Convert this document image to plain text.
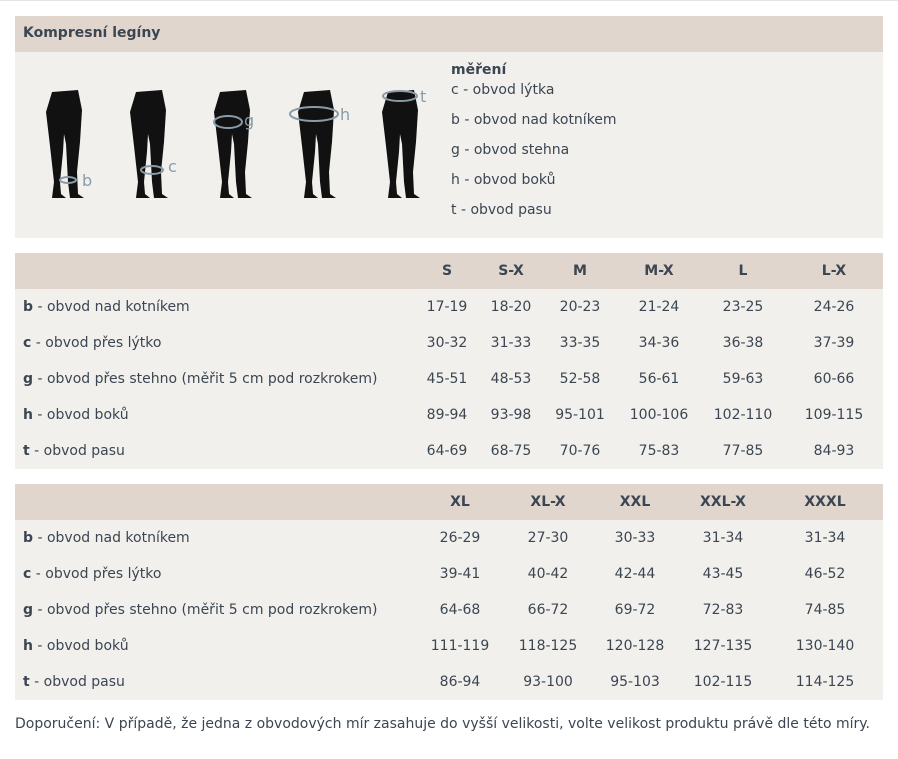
Kompresní legíny
b
c
g	h
t
měření
c - obvod lýtka
b - obvod nad kotníkem
g - obvod stehna
h - obvod boků
t - obvod pasu
	S	S-X	M	M-X	L	L-X
b - obvod nad kotníkem	17-19	18-20	20-23	21-24	23-25	24-26
c - obvod přes lýtko	30-32	31-33	33-35	34-36	36-38	37-39
g - obvod přes stehno (měřit 5 cm pod rozkrokem)	45-51	48-53	52-58	56-61	59-63	60-66
h - obvod boků	89-94	93-98	95-101	100-106	102-110	109-115
t - obvod pasu	64-69	68-75	70-76	75-83	77-85	84-93
	XL	XL-X	XXL	XXL-X	XXXL
b - obvod nad kotníkem	26-29	27-30	30-33	31-34	31-34
c - obvod přes lýtko	39-41	40-42	42-44	43-45	46-52
g - obvod přes stehno (měřit 5 cm pod rozkrokem)	64-68	66-72	69-72	72-83	74-85
h - obvod boků	111-119	118-125	120-128	127-135	130-140
t - obvod pasu	86-94	93-100	95-103	102-115	114-125
Doporučení: V případě, že jedna z obvodových mír zasahuje do vyšší velikosti, volte velikost produktu právě dle této míry.
